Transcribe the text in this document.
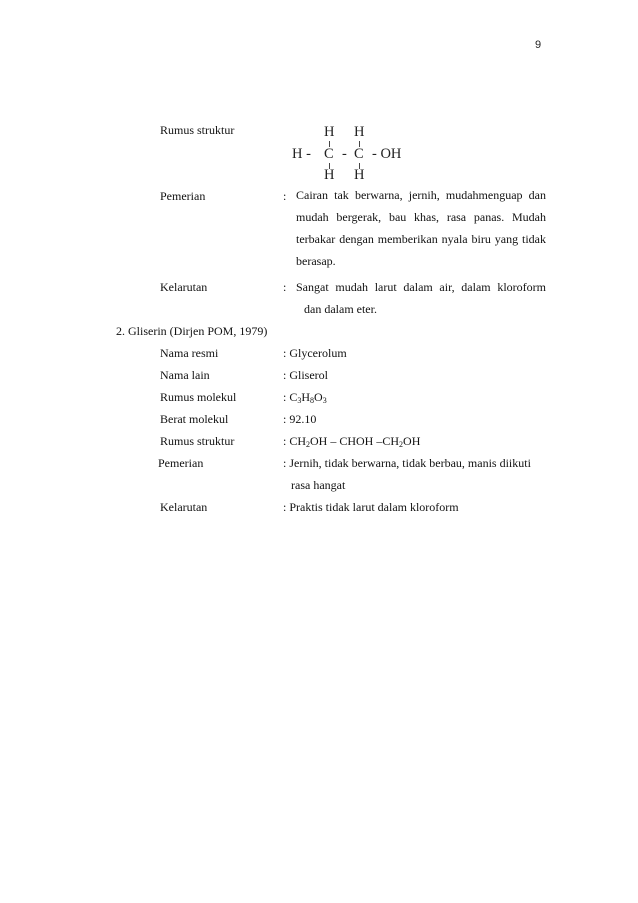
9
Rumus struktur	H H
H - C - C - OH
H H
Pemerian	: Cairan tak berwarna, jernih, mudahmenguap dan mudah bergerak, bau khas, rasa panas. Mudah terbakar dengan memberikan nyala biru yang tidak berasap.
Kelarutan	: Sangat mudah larut dalam air, dalam kloroform
dan dalam eter.
2. Gliserin (Dirjen POM, 1979)
Nama resmi	: Glycerolum
Nama lain	: Gliserol
Rumus molekul	: $C_3H_8O_3$
Berat molekul	: 92.10
Rumus struktur	: $CH_2OH$ – CHOH $-CH_2OH$
Pemerian	: Jernih, tidak berwarna, tidak berbau, manis diikuti
rasa hangat
Kelarutan	: Praktis tidak larut dalam kloroform
